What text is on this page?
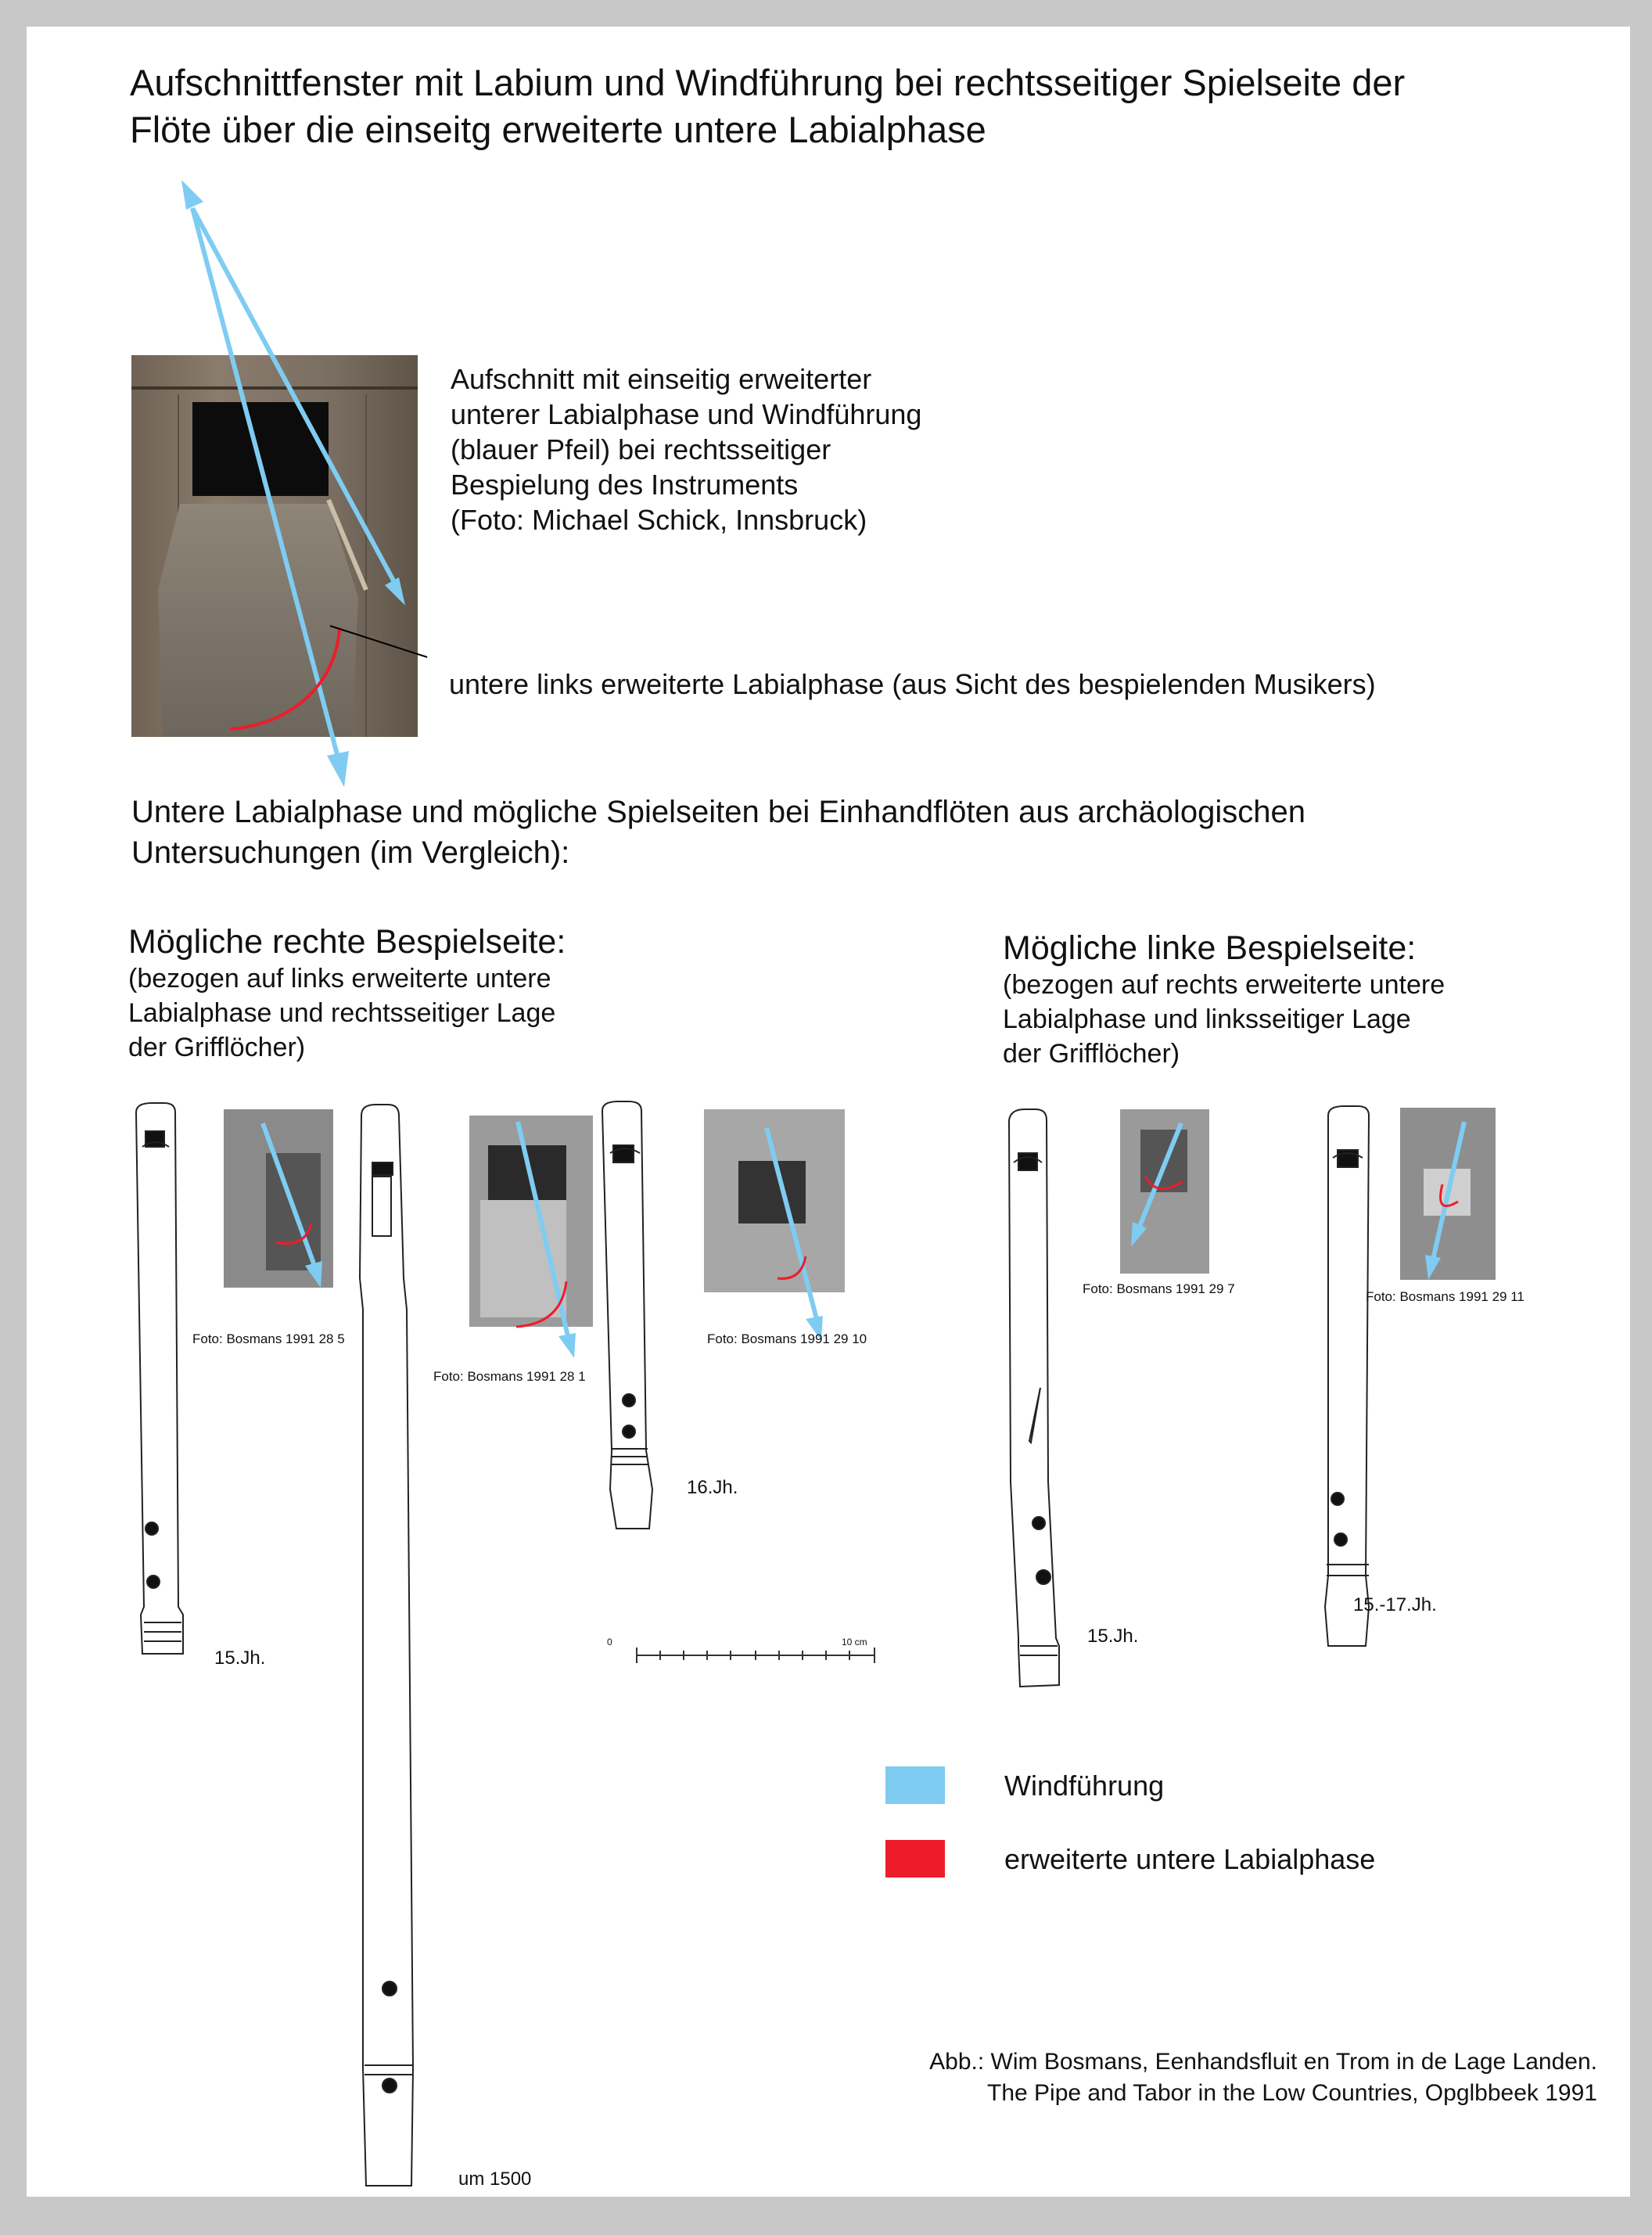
Aufschnittfenster mit Labium und Windführung bei rechtsseitiger Spielseite der

Flöte über die einseitg erweiterte untere Labialphase

Aufschnitt mit einseitig erweiterter

unterer Labialphase und Windführung

(blauer Pfeil) bei rechtsseitiger

Bespielung des Instruments

(Foto: Michael Schick, Innsbruck)

untere links erweiterte Labialphase (aus Sicht des bespielenden Musikers)

Untere Labialphase und mögliche Spielseiten bei Einhandflöten aus archäologischen

Untersuchungen (im Vergleich):

Mögliche rechte Bespielseite:

(bezogen auf links erweiterte untere

Labialphase und rechtsseitiger Lage

der Grifflöcher)

Mögliche linke Bespielseite:

(bezogen auf rechts erweiterte untere

Labialphase und linksseitiger Lage

der Grifflöcher)

Foto: Bosmans 1991 28 5
Foto: Bosmans 1991 28 1
Foto: Bosmans 1991 29 10
Foto: Bosmans 1991 29 7
Foto: Bosmans 1991 29 11
15.Jh.
um 1500
16.Jh.
15.Jh.
15.-17.Jh.
0	10 cm
Windführung
erweiterte untere Labialphase
Abb.: Wim Bosmans, Eenhandsfluit en Trom in de Lage Landen.
The Pipe and Tabor in the Low Countries, Opglbbeek 1991
